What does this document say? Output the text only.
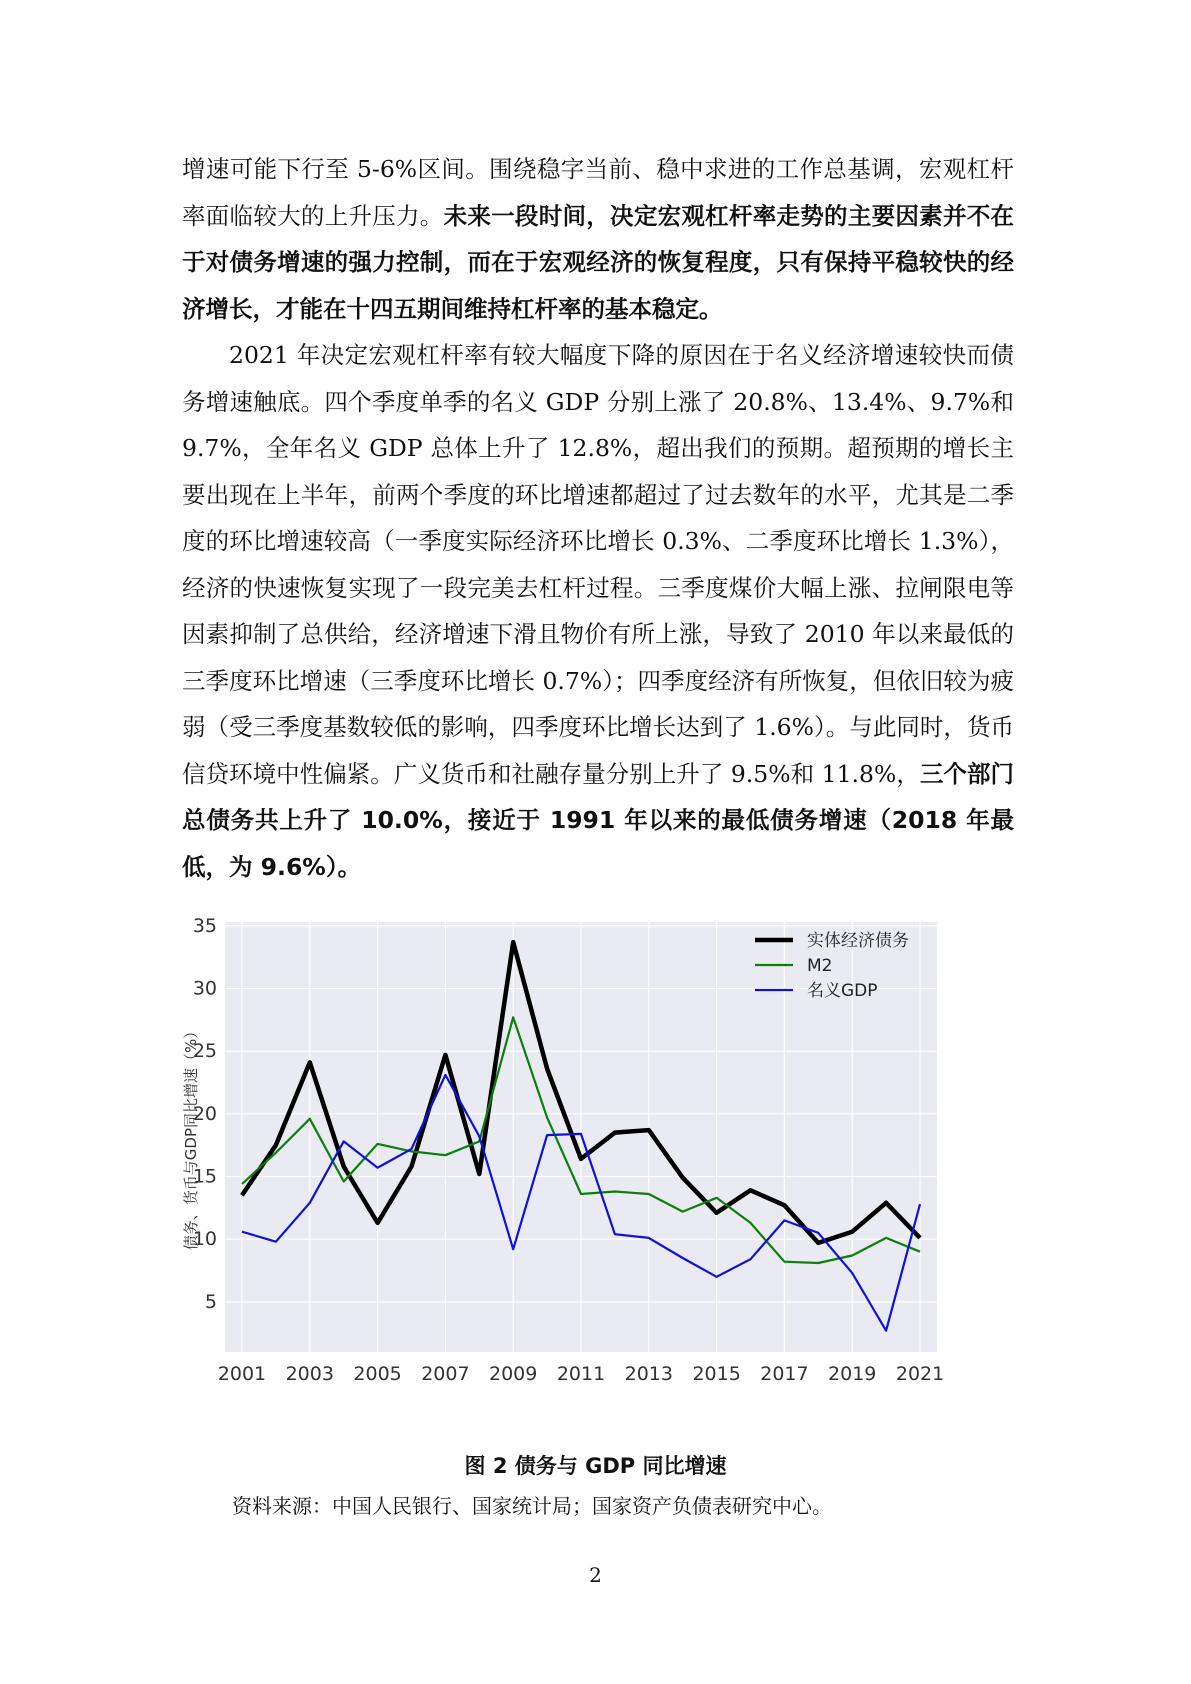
增速可能下行至 5-6%区间。围绕稳字当前、稳中求进的工作总基调，宏观杠杆率面临较大的上升压力。未来一段时间，决定宏观杠杆率走势的主要因素并不在于对债务增速的强力控制，而在于宏观经济的恢复程度，只有保持平稳较快的经济增长，才能在十四五期间维持杠杆率的基本稳定。

2021 年决定宏观杠杆率有较大幅度下降的原因在于名义经济增速较快而债务增速触底。四个季度单季的名义 GDP 分别上涨了 20.8%、13.4%、9.7%和 9.7%，全年名义 GDP 总体上升了 12.8%，超出我们的预期。超预期的增长主要出现在上半年，前两个季度的环比增速都超过了过去数年的水平，尤其是二季度的环比增速较高（一季度实际经济环比增长 0.3%、二季度环比增长 1.3%），经济的快速恢复实现了一段完美去杠杆过程。三季度煤价大幅上涨、拉闸限电等因素抑制了总供给，经济增速下滑且物价有所上涨，导致了 2010 年以来最低的三季度环比增速（三季度环比增长 0.7%）；四季度经济有所恢复，但依旧较为疲弱（受三季度基数较低的影响，四季度环比增长达到了 1.6%）。与此同时，货币信贷环境中性偏紧。广义货币和社融存量分别上升了 9.5%和 11.8%，三个部门总债务共上升了 10.0%，接近于 1991 年以来的最低债务增速（2018 年最低，为 9.6%）。

5
10
15
20
25
30
35
2001 2003 2005 2007 2009 2011 2013 2015 2017 2019 2021
债务、货币与GDP同比增速（%）
实体经济债务
M2
名义GDP
图 2 债务与 GDP 同比增速
资料来源：中国人民银行、国家统计局；国家资产负债表研究中心。
2
